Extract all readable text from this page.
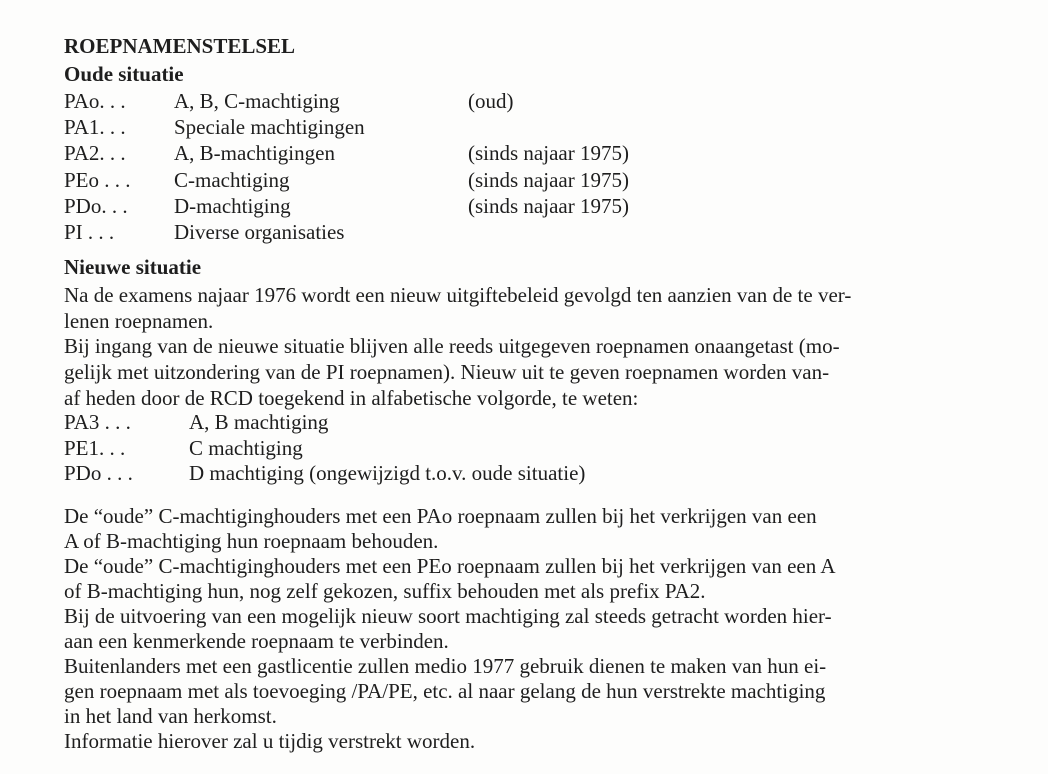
ROEPNAMENSTELSEL
Oude situatie
PAo. . . A, B, C-machtiging	(oud)
PA1. . . Speciale machtigingen
PA2. . . A, B-machtigingen	(sinds najaar 1975)
PEo . . . C-machtiging	(sinds najaar 1975)
PDo. . . D-machtiging	(sinds najaar 1975)
PI . . .	Diverse organisaties
Nieuwe situatie
Na de examens najaar 1976 wordt een nieuw uitgiftebeleid gevolgd ten aanzien van de te ver-
lenen roepnamen.
Bij ingang van de nieuwe situatie blijven alle reeds uitgegeven roepnamen onaangetast (mo-
gelijk met uitzondering van de PI roepnamen). Nieuw uit te geven roepnamen worden van-
af heden door de RCD toegekend in alfabetische volgorde, te weten:
PA3 . . .	A, B machtiging
PE1. . .	C machtiging
PDo . . .	D machtiging (ongewijzigd t.o.v. oude situatie)
De “oude” C-machtiginghouders met een PAo roepnaam zullen bij het verkrijgen van een
A of B-machtiging hun roepnaam behouden.
De “oude” C-machtiginghouders met een PEo roepnaam zullen bij het verkrijgen van een A
of B-machtiging hun, nog zelf gekozen, suffix behouden met als prefix PA2.
Bij de uitvoering van een mogelijk nieuw soort machtiging zal steeds getracht worden hier-
aan een kenmerkende roepnaam te verbinden.
Buitenlanders met een gastlicentie zullen medio 1977 gebruik dienen te maken van hun ei-
gen roepnaam met als toevoeging /PA/PE, etc. al naar gelang de hun verstrekte machtiging
in het land van herkomst.
Informatie hierover zal u tijdig verstrekt worden.
